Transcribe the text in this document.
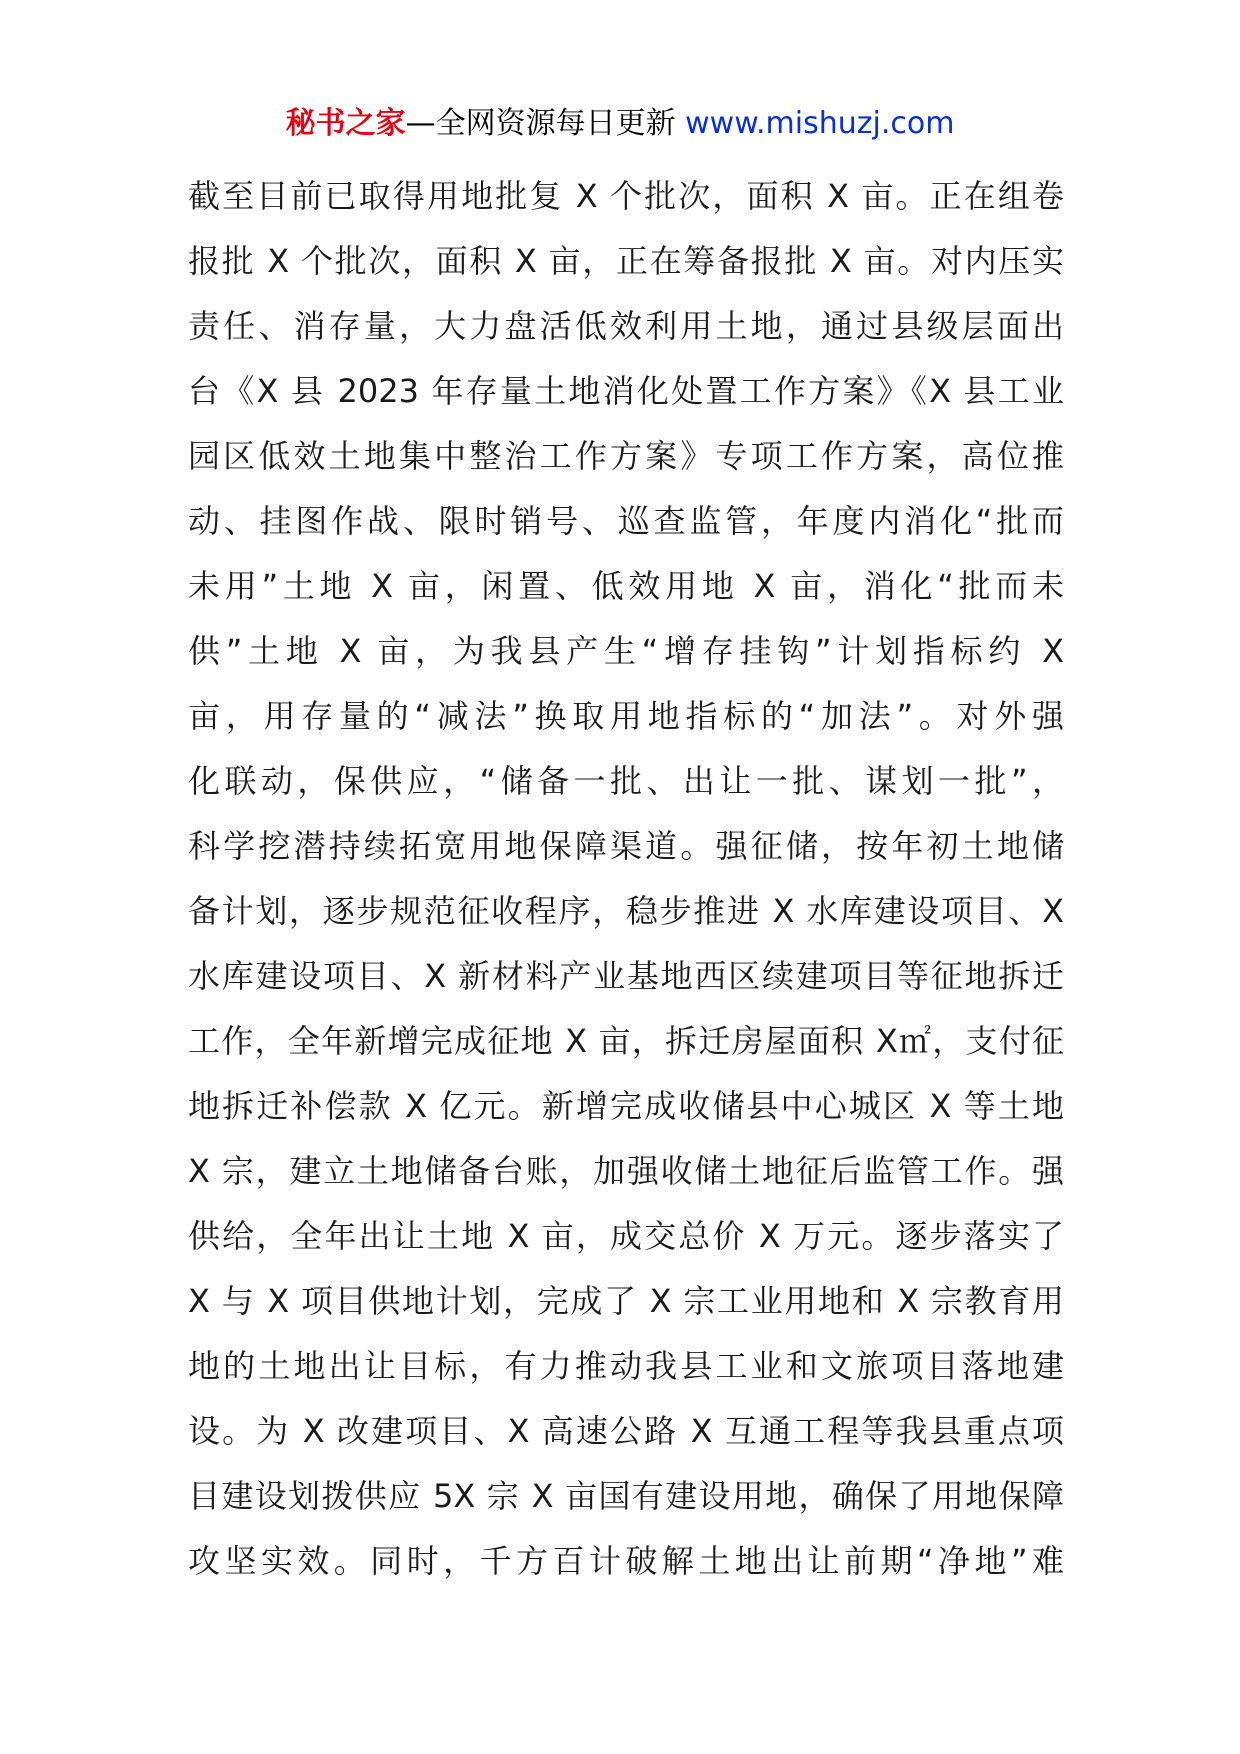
秘书之家—全网资源每日更新 www.mishuzj.com
截至目前已取得用地批复 X 个批次，面积 X 亩。正在组卷
报批 X 个批次，面积 X 亩，正在筹备报批 X 亩。对内压实
责任、消存量，大力盘活低效利用土地，通过县级层面出
台《X 县 2023 年存量土地消化处置工作方案》《X 县工业
园区低效土地集中整治工作方案》专项工作方案，高位推
动、挂图作战、限时销号、巡查监管，年度内消化“批而
未用”土地 X 亩，闲置、低效用地 X 亩，消化“批而未
供”土地 X 亩，为我县产生“增存挂钩”计划指标约 X
亩，用存量的“减法”换取用地指标的“加法”。对外强
化联动，保供应，“储备一批、出让一批、谋划一批”，
科学挖潜持续拓宽用地保障渠道。强征储，按年初土地储
备计划，逐步规范征收程序，稳步推进 X 水库建设项目、X
水库建设项目、X 新材料产业基地西区续建项目等征地拆迁
工作，全年新增完成征地 X 亩，拆迁房屋面积 X㎡，支付征
地拆迁补偿款 X 亿元。新增完成收储县中心城区 X 等土地
X 宗，建立土地储备台账，加强收储土地征后监管工作。强
供给，全年出让土地 X 亩，成交总价 X 万元。逐步落实了
X 与 X 项目供地计划，完成了 X 宗工业用地和 X 宗教育用
地的土地出让目标，有力推动我县工业和文旅项目落地建
设。为 X 改建项目、X 高速公路 X 互通工程等我县重点项
目建设划拨供应 5X 宗 X 亩国有建设用地，确保了用地保障
攻坚实效。同时，千方百计破解土地出让前期“净地”难
